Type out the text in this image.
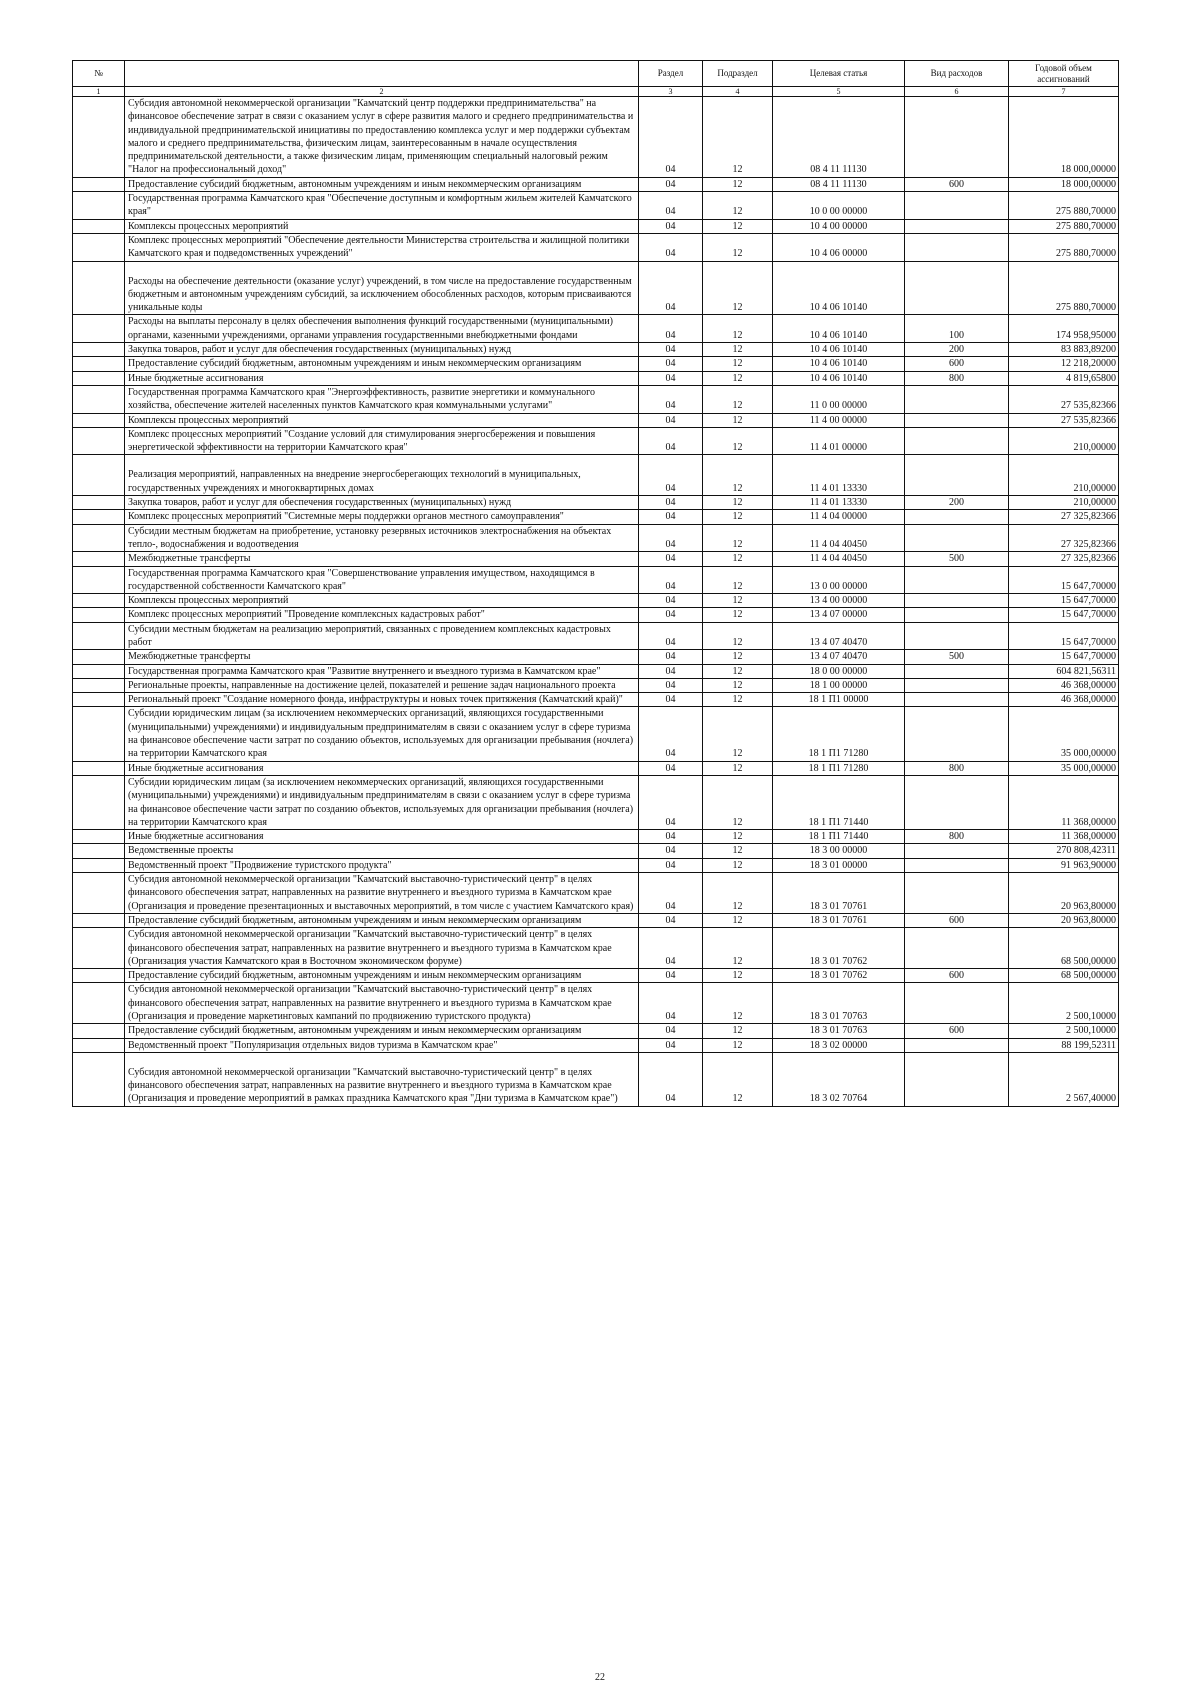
№		Раздел	Подраздел	Целевая статья	Вид расходов	Годовой объем ассигнований
1	2	3	4	5	6	7
	Субсидия автономной некоммерческой организации "Камчатский центр поддержки предпринимательства" на финансовое обеспечение затрат в связи с оказанием услуг в сфере развития малого и среднего предпринимательства и индивидуальной предпринимательской инициативы по предоставлению комплекса услуг и мер поддержки субъектам малого и среднего предпринимательства, физическим лицам, заинтересованным в начале осуществления предпринимательской деятельности, а также физическим лицам, применяющим специальный налоговый режим "Налог на профессиональный доход"	04	12	08 4 11 11130		18 000,00000
	Предоставление субсидий бюджетным, автономным учреждениям и иным некоммерческим организациям	04	12	08 4 11 11130	600	18 000,00000
	Государственная программа Камчатского края "Обеспечение доступным и комфортным жильем жителей Камчатского края"	04	12	10 0 00 00000		275 880,70000
	Комплексы процессных мероприятий	04	12	10 4 00 00000		275 880,70000
	Комплекс процессных мероприятий "Обеспечение деятельности Министерства строительства и жилищной политики Камчатского края и подведомственных учреждений"	04	12	10 4 06 00000		275 880,70000
	Расходы на обеспечение деятельности (оказание услуг) учреждений, в том числе на предоставление государственным бюджетным и автономным учреждениям субсидий, за исключением обособленных расходов, которым присваиваются уникальные коды	04	12	10 4 06 10140		275 880,70000
	Расходы на выплаты персоналу в целях обеспечения выполнения функций государственными (муниципальными) органами, казенными учреждениями, органами управления государственными внебюджетными фондами	04	12	10 4 06 10140	100	174 958,95000
	Закупка товаров, работ и услуг для обеспечения государственных (муниципальных) нужд	04	12	10 4 06 10140	200	83 883,89200
	Предоставление субсидий бюджетным, автономным учреждениям и иным некоммерческим организациям	04	12	10 4 06 10140	600	12 218,20000
	Иные бюджетные ассигнования	04	12	10 4 06 10140	800	4 819,65800
	Государственная программа Камчатского края "Энергоэффективность, развитие энергетики и коммунального хозяйства, обеспечение жителей населенных пунктов Камчатского края коммунальными услугами"	04	12	11 0 00 00000		27 535,82366
	Комплексы процессных мероприятий	04	12	11 4 00 00000		27 535,82366
	Комплекс процессных мероприятий "Создание условий для стимулирования энергосбережения и повышения энергетической эффективности на территории Камчатского края"	04	12	11 4 01 00000		210,00000
	Реализация мероприятий, направленных на внедрение энергосберегающих технологий в муниципальных, государственных учреждениях и многоквартирных домах	04	12	11 4 01 13330		210,00000
	Закупка товаров, работ и услуг для обеспечения государственных (муниципальных) нужд	04	12	11 4 01 13330	200	210,00000
	Комплекс процессных мероприятий "Системные меры поддержки органов местного самоуправления"	04	12	11 4 04 00000		27 325,82366
	Субсидии местным бюджетам на приобретение, установку резервных источников электроснабжения на объектах тепло-, водоснабжения и водоотведения	04	12	11 4 04 40450		27 325,82366
	Межбюджетные трансферты	04	12	11 4 04 40450	500	27 325,82366
	Государственная программа Камчатского края "Совершенствование управления имуществом, находящимся в государственной собственности Камчатского края"	04	12	13 0 00 00000		15 647,70000
	Комплексы процессных мероприятий	04	12	13 4 00 00000		15 647,70000
	Комплекс процессных мероприятий "Проведение комплексных кадастровых работ"	04	12	13 4 07 00000		15 647,70000
	Субсидии местным бюджетам на реализацию мероприятий, связанных с проведением комплексных кадастровых работ	04	12	13 4 07 40470		15 647,70000
	Межбюджетные трансферты	04	12	13 4 07 40470	500	15 647,70000
	Государственная программа Камчатского края "Развитие внутреннего и въездного туризма в Камчатском крае"	04	12	18 0 00 00000		604 821,56311
	Региональные проекты, направленные на достижение целей, показателей и решение задач национального проекта	04	12	18 1 00 00000		46 368,00000
	Региональный проект "Создание номерного фонда, инфраструктуры и новых точек притяжения (Камчатский край)"	04	12	18 1 П1 00000		46 368,00000
	Субсидии юридическим лицам (за исключением некоммерческих организаций, являющихся государственными (муниципальными) учреждениями) и индивидуальным предпринимателям в связи с оказанием услуг в сфере туризма на финансовое обеспечение части затрат по созданию объектов, используемых для организации пребывания (ночлега) на территории Камчатского края	04	12	18 1 П1 71280		35 000,00000
	Иные бюджетные ассигнования	04	12	18 1 П1 71280	800	35 000,00000
	Субсидии юридическим лицам (за исключением некоммерческих организаций, являющихся государственными (муниципальными) учреждениями) и индивидуальным предпринимателям в связи с оказанием услуг в сфере туризма на финансовое обеспечение части затрат по созданию объектов, используемых для организации пребывания (ночлега) на территории Камчатского края	04	12	18 1 П1 71440		11 368,00000
	Иные бюджетные ассигнования	04	12	18 1 П1 71440	800	11 368,00000
	Ведомственные проекты	04	12	18 3 00 00000		270 808,42311
	Ведомственный проект "Продвижение туристского продукта"	04	12	18 3 01 00000		91 963,90000
	Субсидия автономной некоммерческой организации "Камчатский выставочно-туристический центр" в целях финансового обеспечения затрат, направленных на развитие внутреннего и въездного туризма в Камчатском крае (Организация и проведение презентационных и выставочных мероприятий, в том числе с участием Камчатского края)	04	12	18 3 01 70761		20 963,80000
	Предоставление субсидий бюджетным, автономным учреждениям и иным некоммерческим организациям	04	12	18 3 01 70761	600	20 963,80000
	Субсидия автономной некоммерческой организации "Камчатский выставочно-туристический центр" в целях финансового обеспечения затрат, направленных на развитие внутреннего и въездного туризма в Камчатском крае (Организация участия Камчатского края в Восточном экономическом форуме)	04	12	18 3 01 70762		68 500,00000
	Предоставление субсидий бюджетным, автономным учреждениям и иным некоммерческим организациям	04	12	18 3 01 70762	600	68 500,00000
	Субсидия автономной некоммерческой организации "Камчатский выставочно-туристический центр" в целях финансового обеспечения затрат, направленных на развитие внутреннего и въездного туризма в Камчатском крае (Организация и проведение маркетинговых кампаний по продвижению туристского продукта)	04	12	18 3 01 70763		2 500,10000
	Предоставление субсидий бюджетным, автономным учреждениям и иным некоммерческим организациям	04	12	18 3 01 70763	600	2 500,10000
	Ведомственный проект "Популяризация отдельных видов туризма в Камчатском крае"	04	12	18 3 02 00000		88 199,52311
	Субсидия автономной некоммерческой организации "Камчатский выставочно-туристический центр" в целях финансового обеспечения затрат, направленных на развитие внутреннего и въездного туризма в Камчатском крае (Организация и проведение мероприятий в рамках праздника Камчатского края "Дни туризма в Камчатском крае")	04	12	18 3 02 70764		2 567,40000
22
